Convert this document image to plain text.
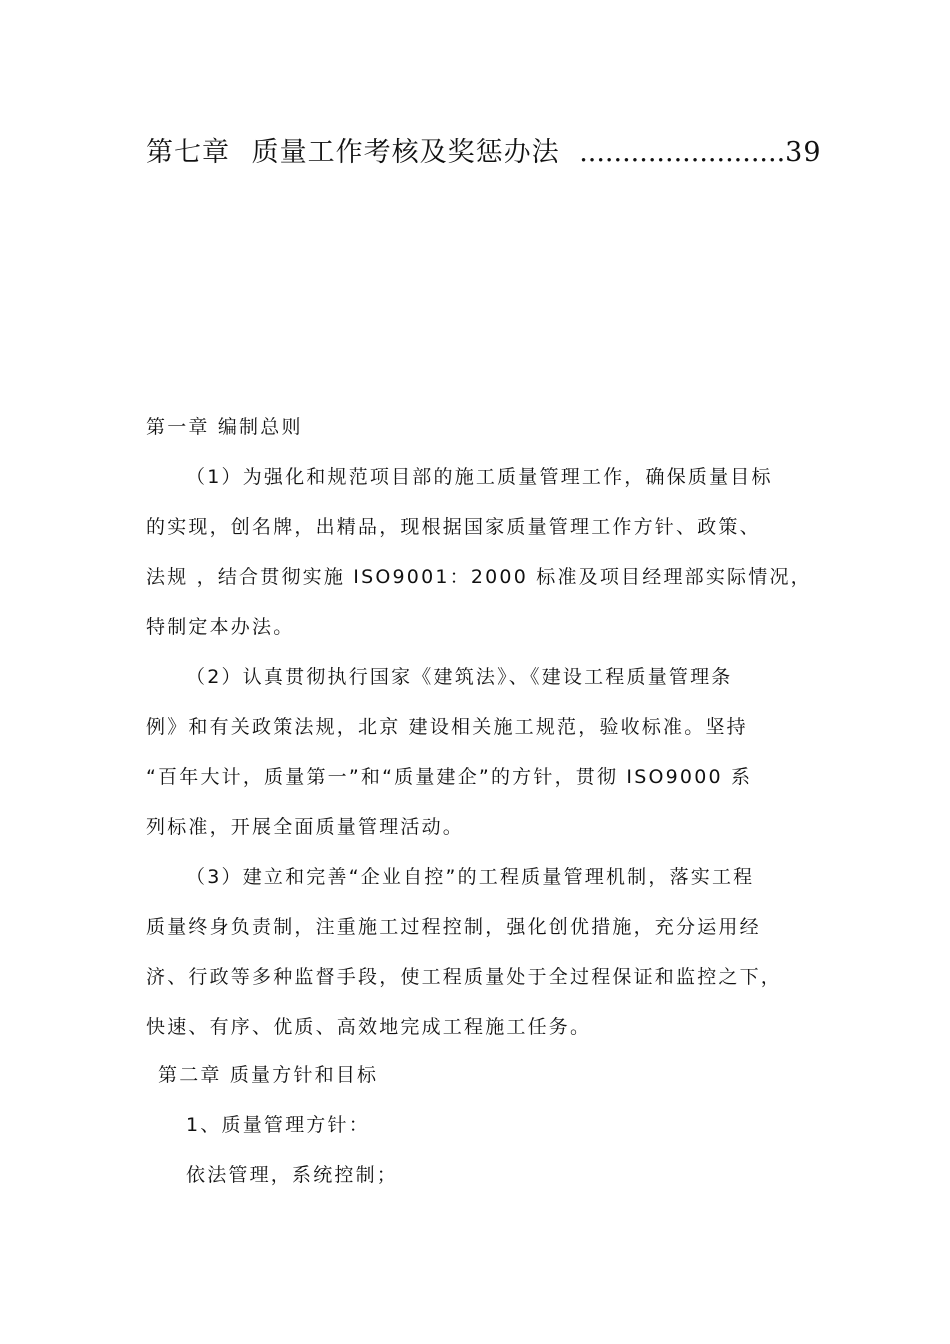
第七章 质量工作考核及奖惩办法 ........................39
第一章 编制总则
（1）为强化和规范项目部的施工质量管理工作，确保质量目标
的实现，创名牌，出精品，现根据国家质量管理工作方针、政策、
法规 ，结合贯彻实施 ISO9001：2000 标准及项目经理部实际情况，
特制定本办法。
（2）认真贯彻执行国家《建筑法》、《建设工程质量管理条
例》和有关政策法规，北京 建设相关施工规范，验收标准。坚持
“百年大计，质量第一”和“质量建企”的方针，贯彻 ISO9000 系
列标准，开展全面质量管理活动。
（3）建立和完善“企业自控”的工程质量管理机制，落实工程
质量终身负责制，注重施工过程控制，强化创优措施，充分运用经
济、行政等多种监督手段，使工程质量处于全过程保证和监控之下，
快速、有序、优质、高效地完成工程施工任务。
第二章 质量方针和目标
1、质量管理方针：
依法管理，系统控制；
